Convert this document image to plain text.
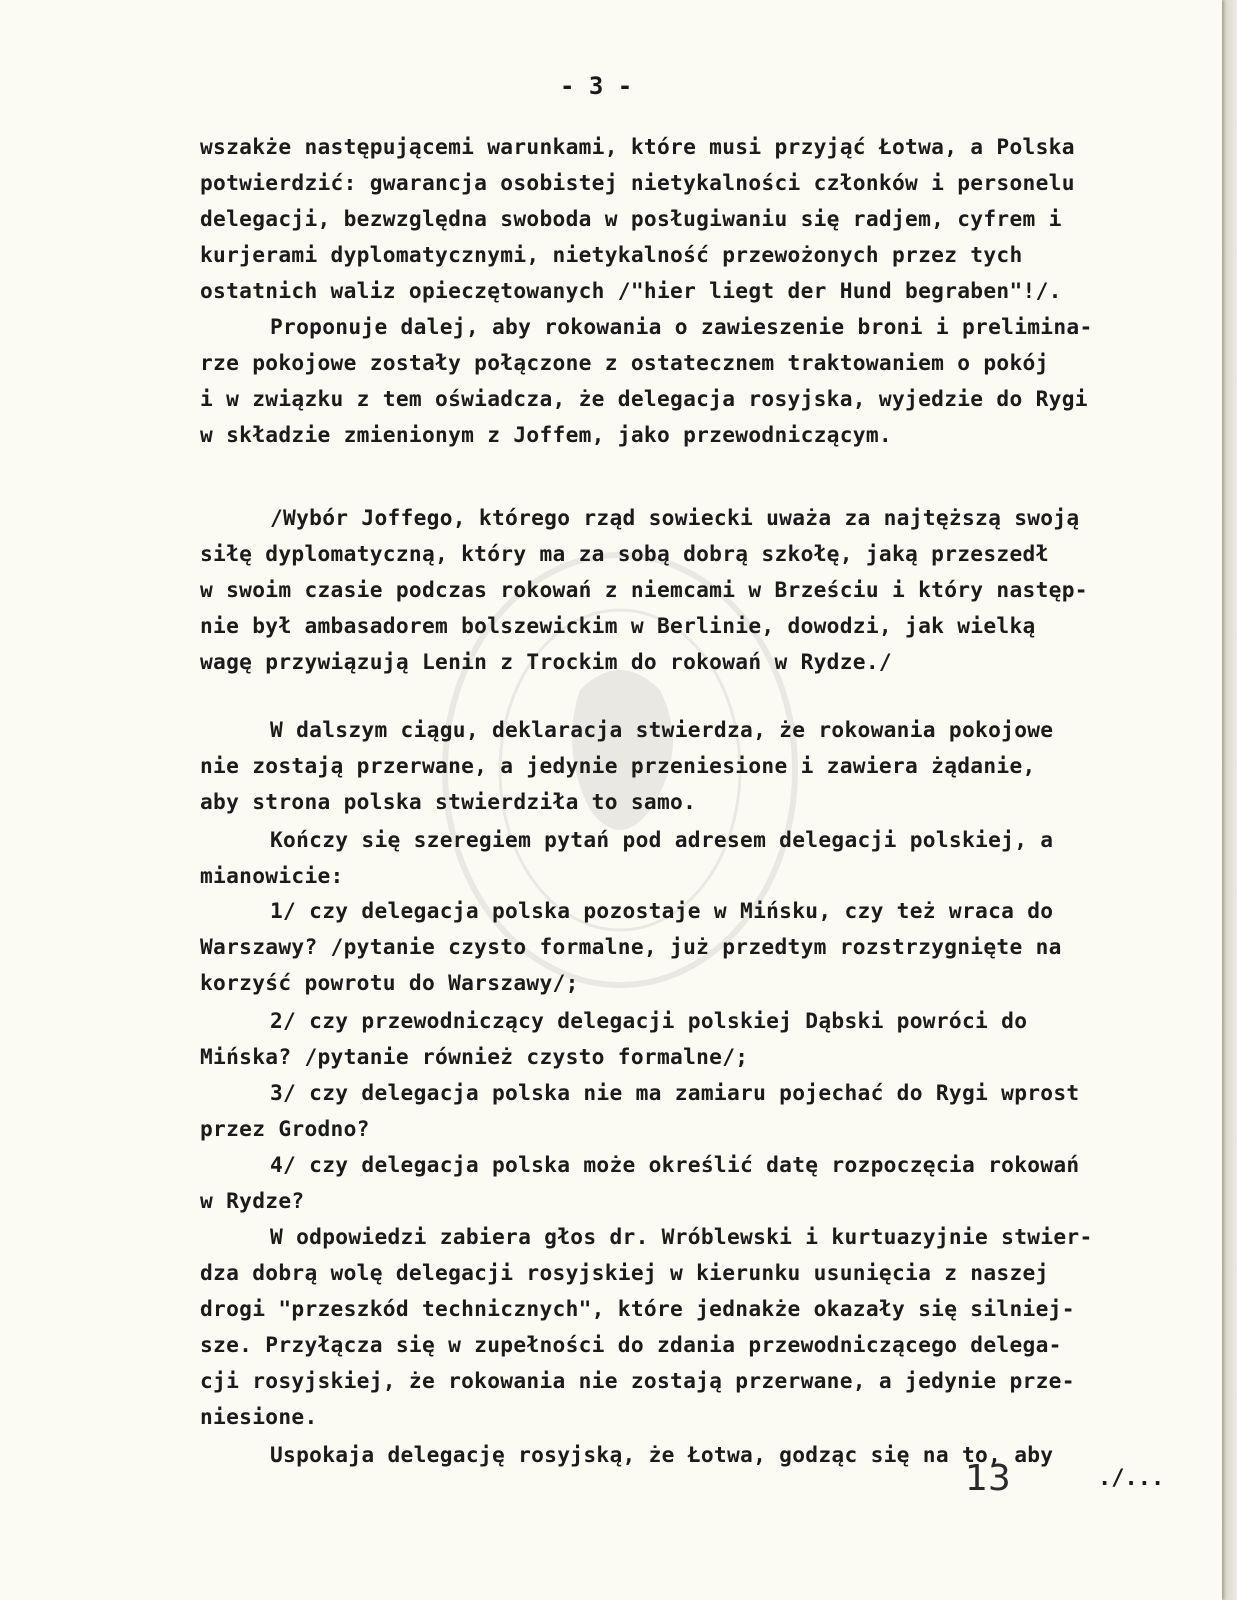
- 3 -
wszakże następującemi warunkami, które musi przyjąć Łotwa, a Polska
potwierdzić: gwarancja osobistej nietykalności członków i personelu
delegacji, bezwzględna swoboda w posługiwaniu się radjem, cyfrem i
kurjerami dyplomatycznymi, nietykalność przewożonych przez tych
ostatnich waliz opieczętowanych /"hier liegt der Hund begraben"!/.
Proponuje dalej, aby rokowania o zawieszenie broni i prelimina-
rze pokojowe zostały połączone z ostatecznem traktowaniem o pokój
i w związku z tem oświadcza, że delegacja rosyjska, wyjedzie do Rygi
w składzie zmienionym z Joffem, jako przewodniczącym.
/Wybór Joffego, którego rząd sowiecki uważa za najtęższą swoją
siłę dyplomatyczną, który ma za sobą dobrą szkołę, jaką przeszedł
w swoim czasie podczas rokowań z niemcami w Brześciu i który następ-
nie był ambasadorem bolszewickim w Berlinie, dowodzi, jak wielką
wagę przywiązują Lenin z Trockim do rokowań w Rydze./
W dalszym ciągu, deklaracja stwierdza, że rokowania pokojowe
nie zostają przerwane, a jedynie przeniesione i zawiera żądanie,
aby strona polska stwierdziła to samo.
Kończy się szeregiem pytań pod adresem delegacji polskiej, a
mianowicie:
1/ czy delegacja polska pozostaje w Mińsku, czy też wraca do
Warszawy? /pytanie czysto formalne, już przedtym rozstrzygnięte na
korzyść powrotu do Warszawy/;
2/ czy przewodniczący delegacji polskiej Dąbski powróci do
Mińska? /pytanie również czysto formalne/;
3/ czy delegacja polska nie ma zamiaru pojechać do Rygi wprost
przez Grodno?
4/ czy delegacja polska może określić datę rozpoczęcia rokowań
w Rydze?
W odpowiedzi zabiera głos dr. Wróblewski i kurtuazyjnie stwier-
dza dobrą wolę delegacji rosyjskiej w kierunku usunięcia z naszej
drogi "przeszkód technicznych", które jednakże okazały się silniej-
sze. Przyłącza się w zupełności do zdania przewodniczącego delega-
cji rosyjskiej, że rokowania nie zostają przerwane, a jedynie prze-
niesione.
Uspokaja delegację rosyjską, że Łotwa, godząc się na to, aby
13	./...
